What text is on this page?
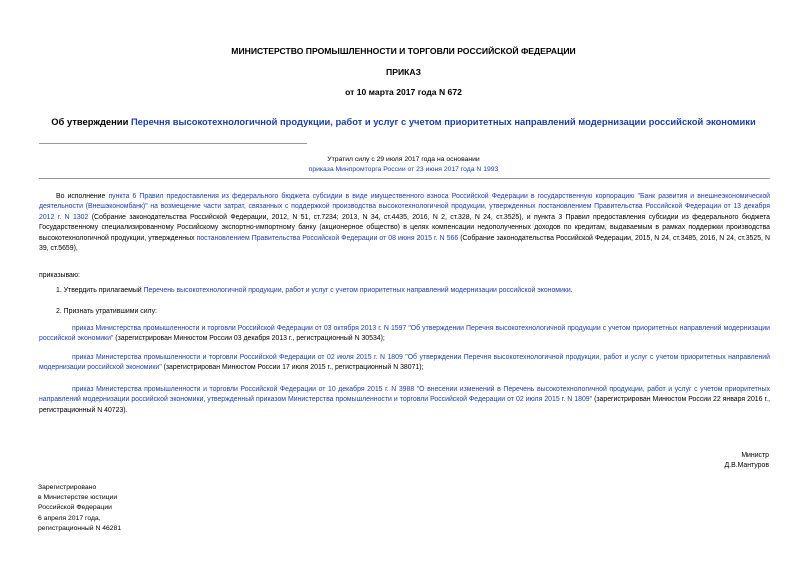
МИНИСТЕРСТВО ПРОМЫШЛЕННОСТИ И ТОРГОВЛИ РОССИЙСКОЙ ФЕДЕРАЦИИ
ПРИКАЗ
от 10 марта 2017 года N 672
Об утверждении Перечня высокотехнологичной продукции, работ и услуг с учетом приоритетных направлений модернизации российской экономики
Утратил силу с 29 июля 2017 года на основании
приказа Минпромторга России от 23 июня 2017 года N 1993
Во исполнение пункта 6 Правил предоставления из федерального бюджета субсидии в виде имущественного взноса Российской Федерации в государственную корпорацию "Банк развития и внешнеэкономической деятельности (Внешэкономбанк)" на возмещение части затрат, связанных с поддержкой производства высокотехнологичной продукции, утвержденных постановлением Правительства Российской Федерации от 13 декабря 2012 г. N 1302 (Собрание законодательства Российской Федерации, 2012, N 51, ст.7234; 2013, N 34, ст.4435, 2016, N 2, ст.328, N 24, ст.3525), и пункта 3 Правил предоставления субсидии из федерального бюджета Государственному специализированному Российскому экспортно-импортному банку (акционерное общество) в целях компенсации недополученных доходов по кредитам, выдаваемым в рамках поддержки производства высокотехнологичной продукции, утвержденных постановлением Правительства Российской Федерации от 08 июня 2015 г. N 566 (Собрание законодательства Российской Федерации, 2015, N 24, ст.3485, 2016, N 24, ст.3525, N 39, ст.5659),
приказываю:
1. Утвердить прилагаемый Перечень высокотехнологичной продукции, работ и услуг с учетом приоритетных направлений модернизации российской экономики.
2. Признать утратившими силу:
приказ Министерства промышленности и торговли Российской Федерации от 03 октября 2013 г. N 1597 "Об утверждении Перечня высокотехнологичной продукции с учетом приоритетных направлений модернизации российской экономики" (зарегистрирован Минюстом России 03 декабря 2013 г., регистрационный N 30534);
приказ Министерства промышленности и торговли Российской Федерации от 02 июля 2015 г. N 1809 "Об утверждении Перечня высокотехнологичной продукции, работ и услуг с учетом приоритетных направлений модернизации российской экономики" (зарегистрирован Минюстом России 17 июля 2015 г., регистрационный N 38071);
приказ Министерства промышленности и торговли Российской Федерации от 10 декабря 2015 г. N 3988 "О внесении изменений в Перечень высокотехнологичной продукции, работ и услуг с учетом приоритетных направлений модернизации российской экономики, утвержденный приказом Министерства промышленности и торговли Российской Федерации от 02 июля 2015 г. N 1809" (зарегистрирован Минюстом России 22 января 2016 г., регистрационный N 40723).
Министр
Д.В.Мантуров
Зарегистрировано
в Министерстве юстиции
Российской Федерации
6 апреля 2017 года,
регистрационный N 46281
